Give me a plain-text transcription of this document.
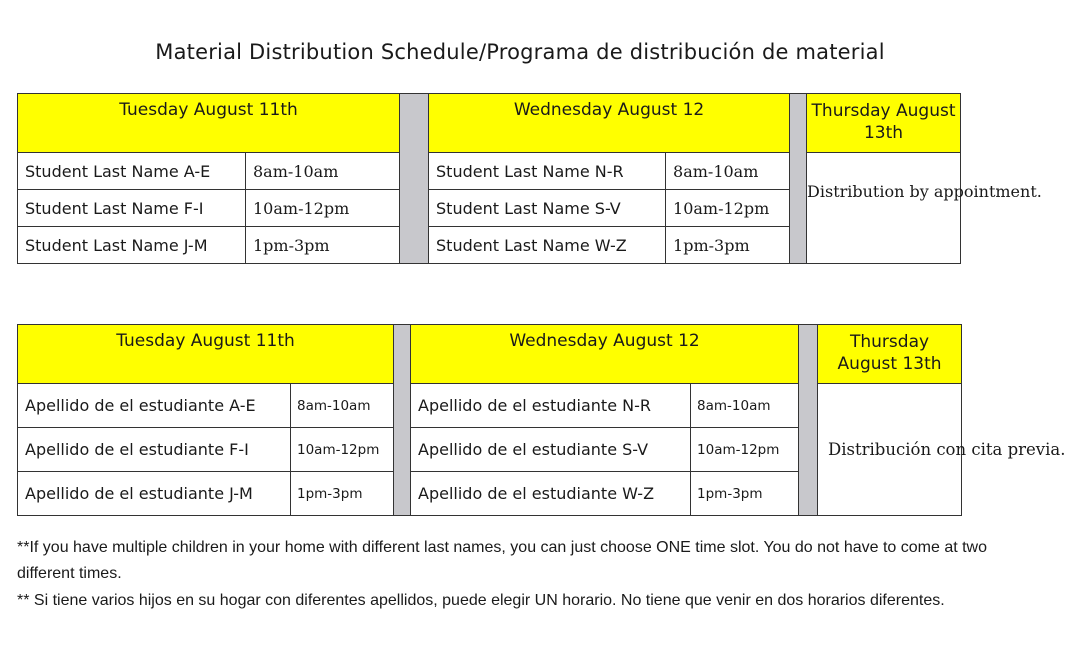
Material Distribution Schedule/Programa de distribución de material
Tuesday August 11th			Wednesday August 12			Thursday August 13th
Student Last Name A-E	8am-10am		Student Last Name N-R	8am-10am		Distribution by appointment.
Student Last Name F-I	10am-12pm		Student Last Name S-V	10am-12pm		
Student Last Name J-M	1pm-3pm		Student Last Name W-Z	1pm-3pm		
Tuesday August 11th			Wednesday August 12			Thursday August 13th
Apellido de el estudiante A-E	8am-10am		Apellido de el estudiante N-R	8am-10am		Distribución con cita previa.
Apellido de el estudiante F-I	10am-12pm		Apellido de el estudiante S-V	10am-12pm		
Apellido de el estudiante J-M	1pm-3pm		Apellido de el estudiante W-Z	1pm-3pm		
**If you have multiple children in your home with different last names, you can just choose ONE time slot. You do not have to come at two different times.
** Si tiene varios hijos en su hogar con diferentes apellidos, puede elegir UN horario. No tiene que venir en dos horarios diferentes.
